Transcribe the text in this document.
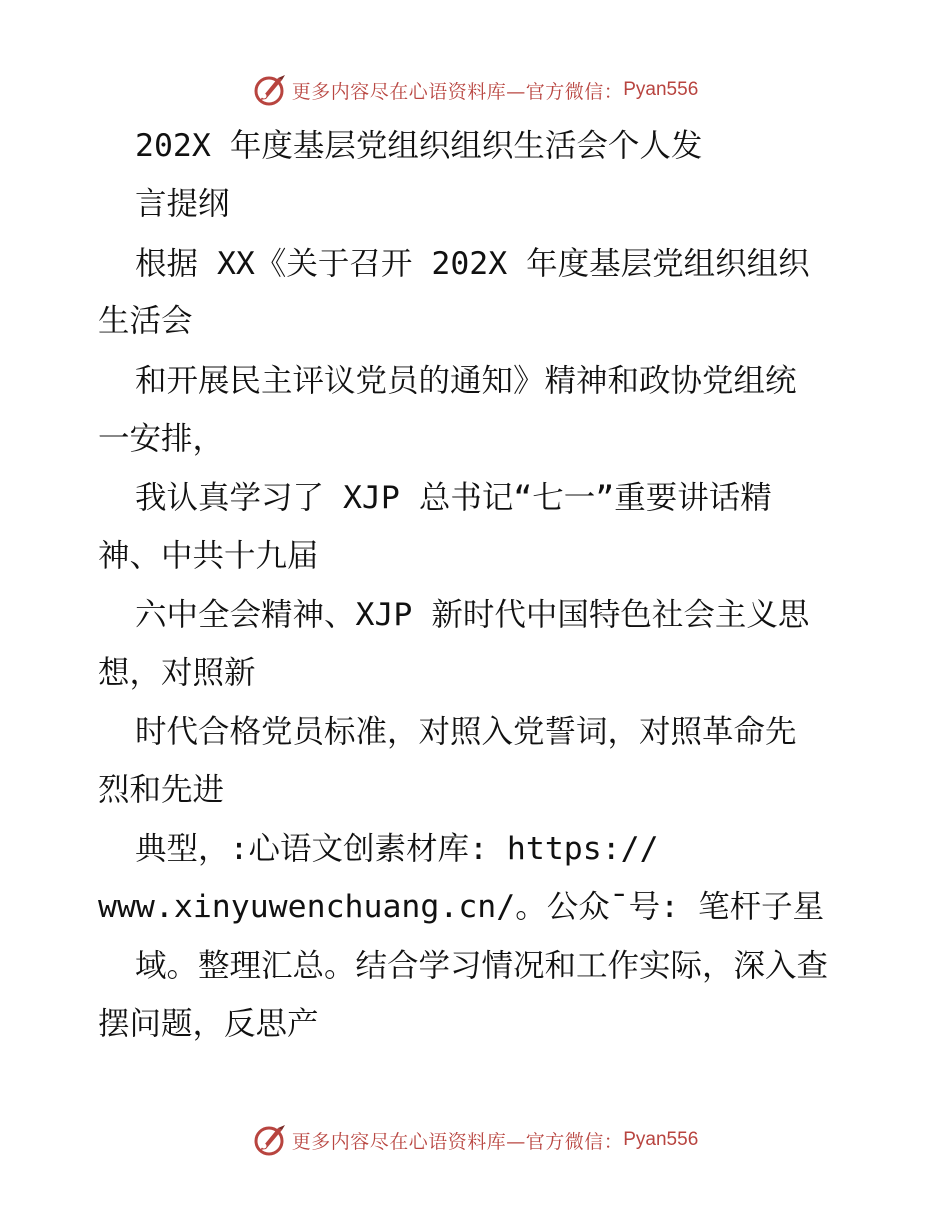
更多内容尽在心语资料库—官方微信： Pyan556
202X 年度基层党组织组织生活会个人发
言提纲
根据 XX《关于召开 202X 年度基层党组织组织
生活会
和开展民主评议党员的通知》精神和政协党组统
一安排，
我认真学习了 XJP 总书记“七一”重要讲话精
神、中共十九届
六中全会精神、XJP 新时代中国特色社会主义思
想，对照新
时代合格党员标准，对照入党誓词，对照革命先
烈和先进
典型，:心语文创素材库: https://
www.xinyuwenchuang.cn/。公众¯号: 笔杆子星
域。整理汇总。结合学习情况和工作实际，深入查
摆问题，反思产
更多内容尽在心语资料库—官方微信： Pyan556
